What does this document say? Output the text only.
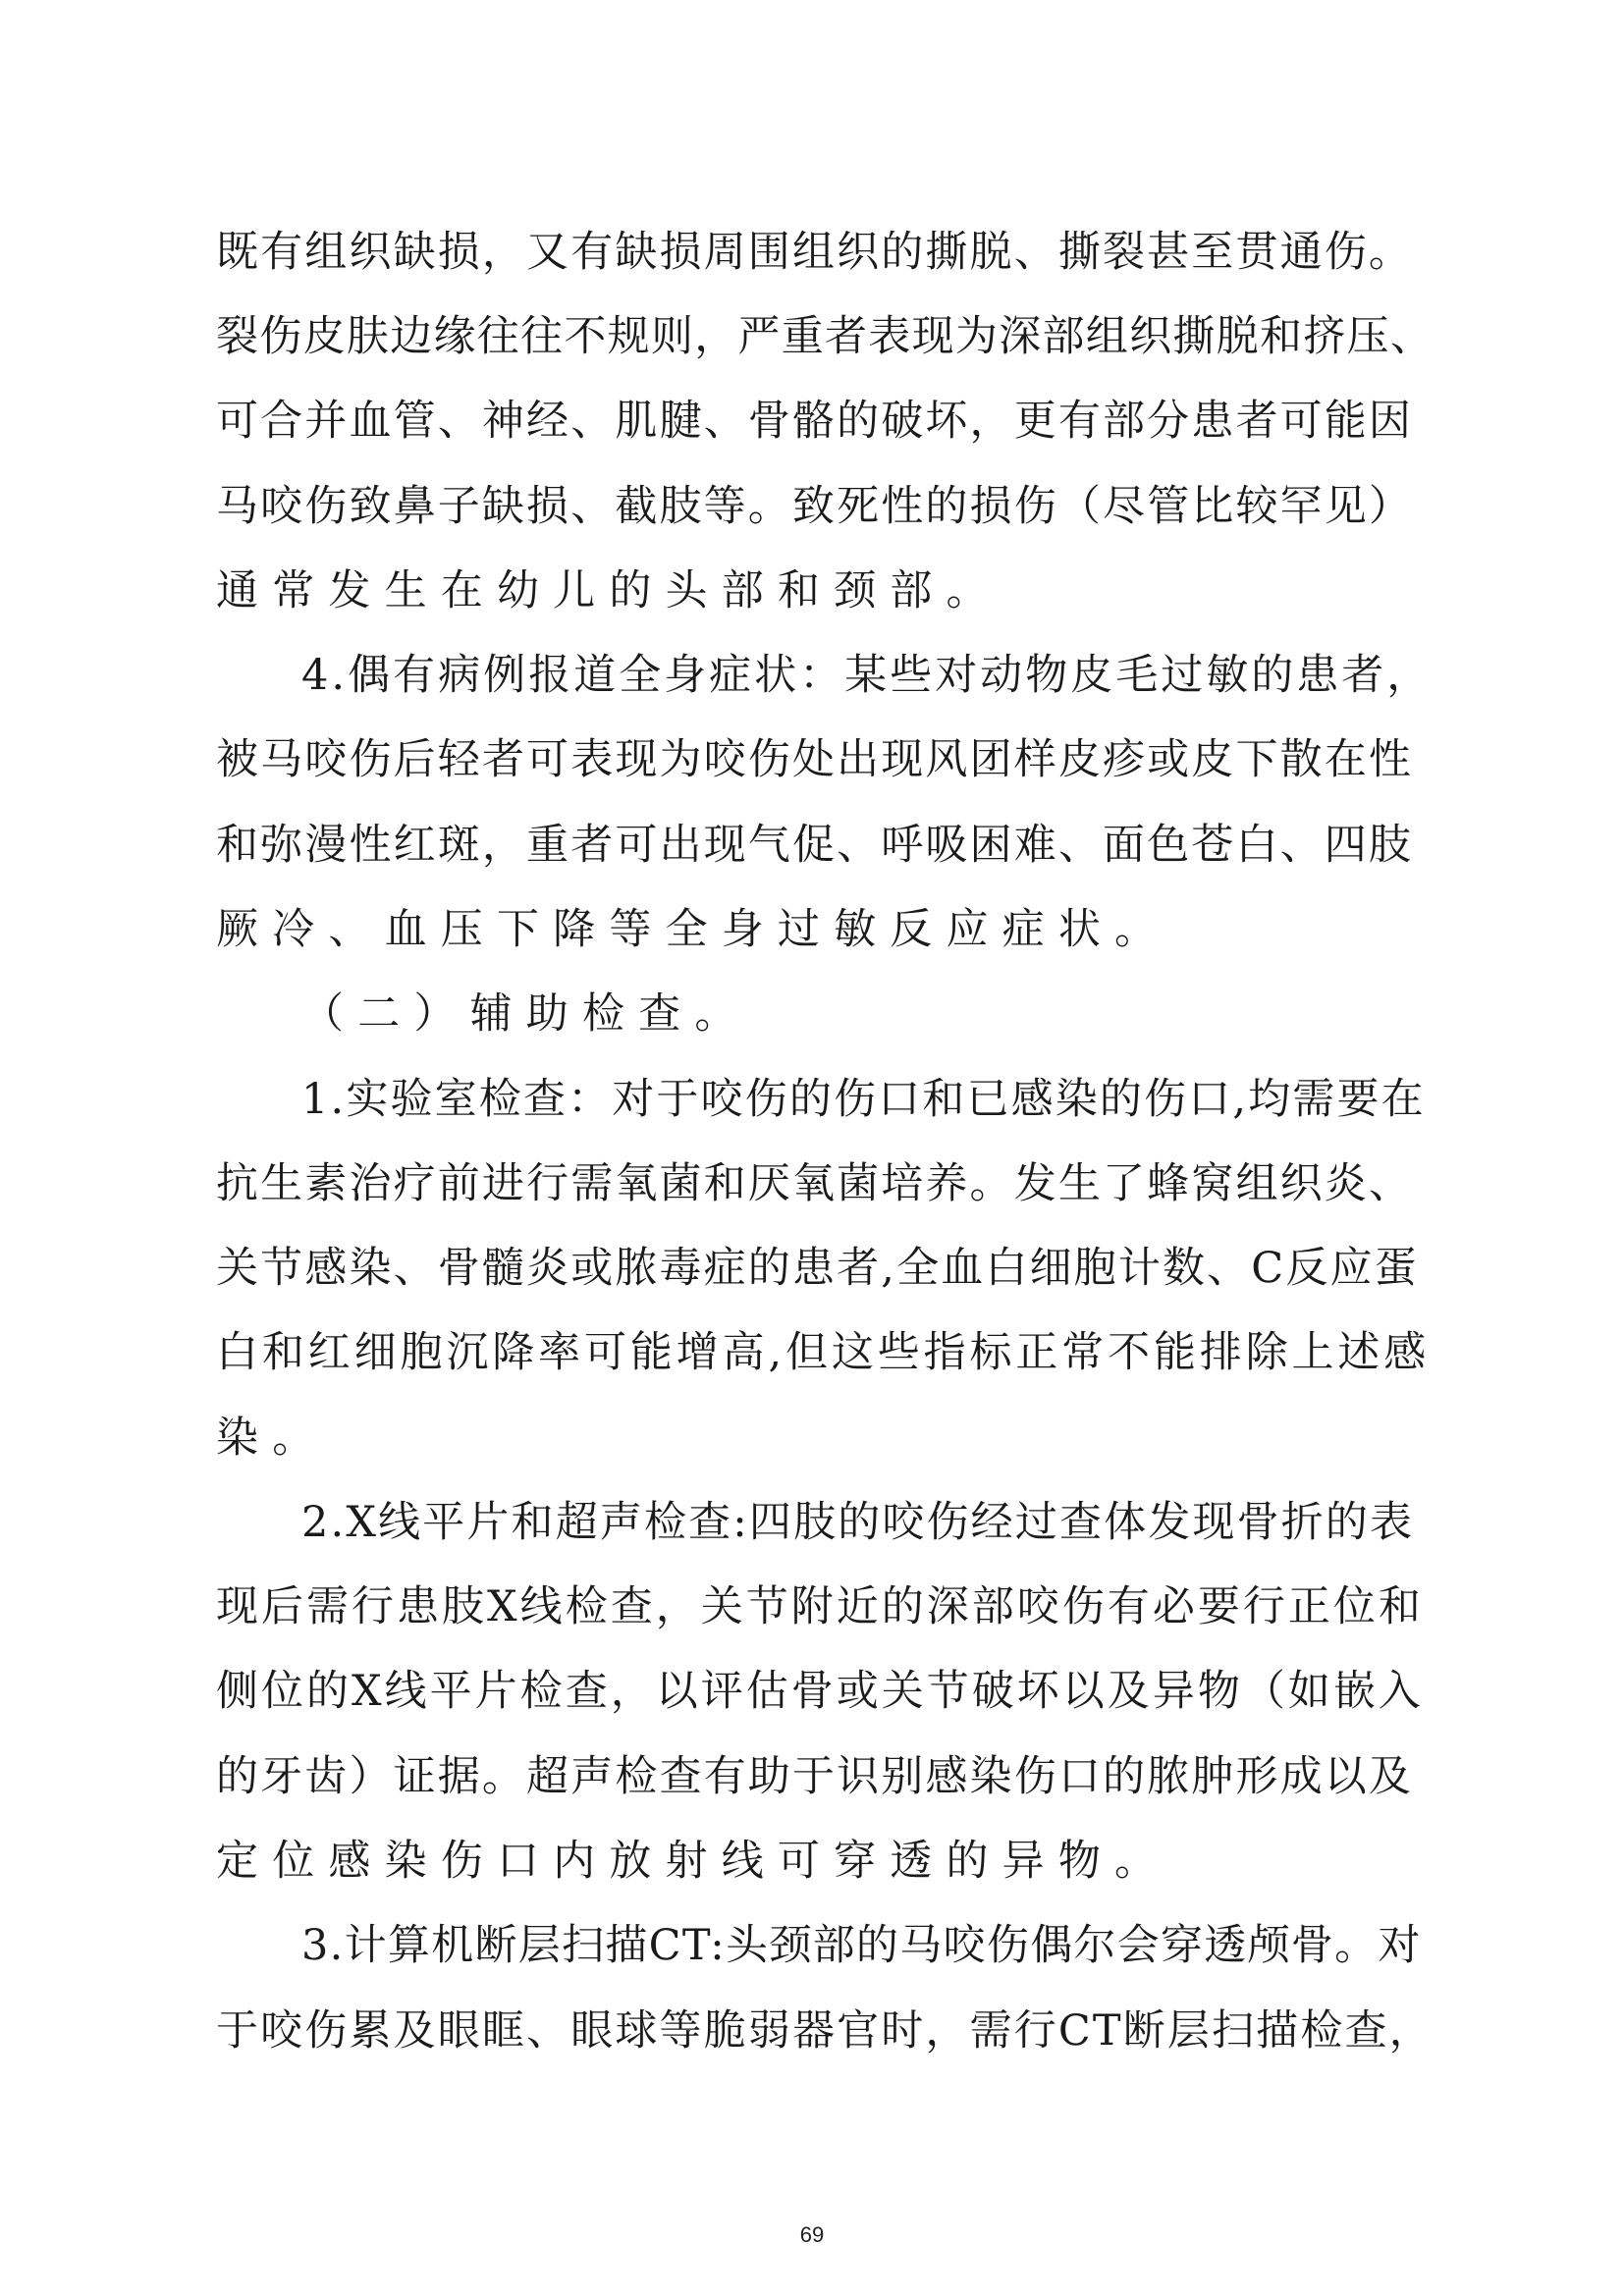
既有组织缺损，又有缺损周围组织的撕脱、撕裂甚至贯通伤。
裂伤皮肤边缘往往不规则，严重者表现为深部组织撕脱和挤压、
可合并血管、神经、肌腱、骨骼的破坏，更有部分患者可能因
马咬伤致鼻子缺损、截肢等。致死性的损伤（尽管比较罕见）
通常发生在幼儿的头部和颈部。
4.偶有病例报道全身症状：某些对动物皮毛过敏的患者，
被马咬伤后轻者可表现为咬伤处出现风团样皮疹或皮下散在性
和弥漫性红斑，重者可出现气促、呼吸困难、面色苍白、四肢
厥冷、血压下降等全身过敏反应症状。
（二）辅助检查。
1.实验室检查：对于咬伤的伤口和已感染的伤口,均需要在
抗生素治疗前进行需氧菌和厌氧菌培养。发生了蜂窝组织炎、
关节感染、骨髓炎或脓毒症的患者,全血白细胞计数、C反应蛋
白和红细胞沉降率可能增高,但这些指标正常不能排除上述感
染。
2.X线平片和超声检查:四肢的咬伤经过查体发现骨折的表
现后需行患肢X线检查，关节附近的深部咬伤有必要行正位和
侧位的X线平片检查，以评估骨或关节破坏以及异物（如嵌入
的牙齿）证据。超声检查有助于识别感染伤口的脓肿形成以及
定位感染伤口内放射线可穿透的异物。
3.计算机断层扫描CT:头颈部的马咬伤偶尔会穿透颅骨。对
于咬伤累及眼眶、眼球等脆弱器官时，需行CT断层扫描检查，
69
